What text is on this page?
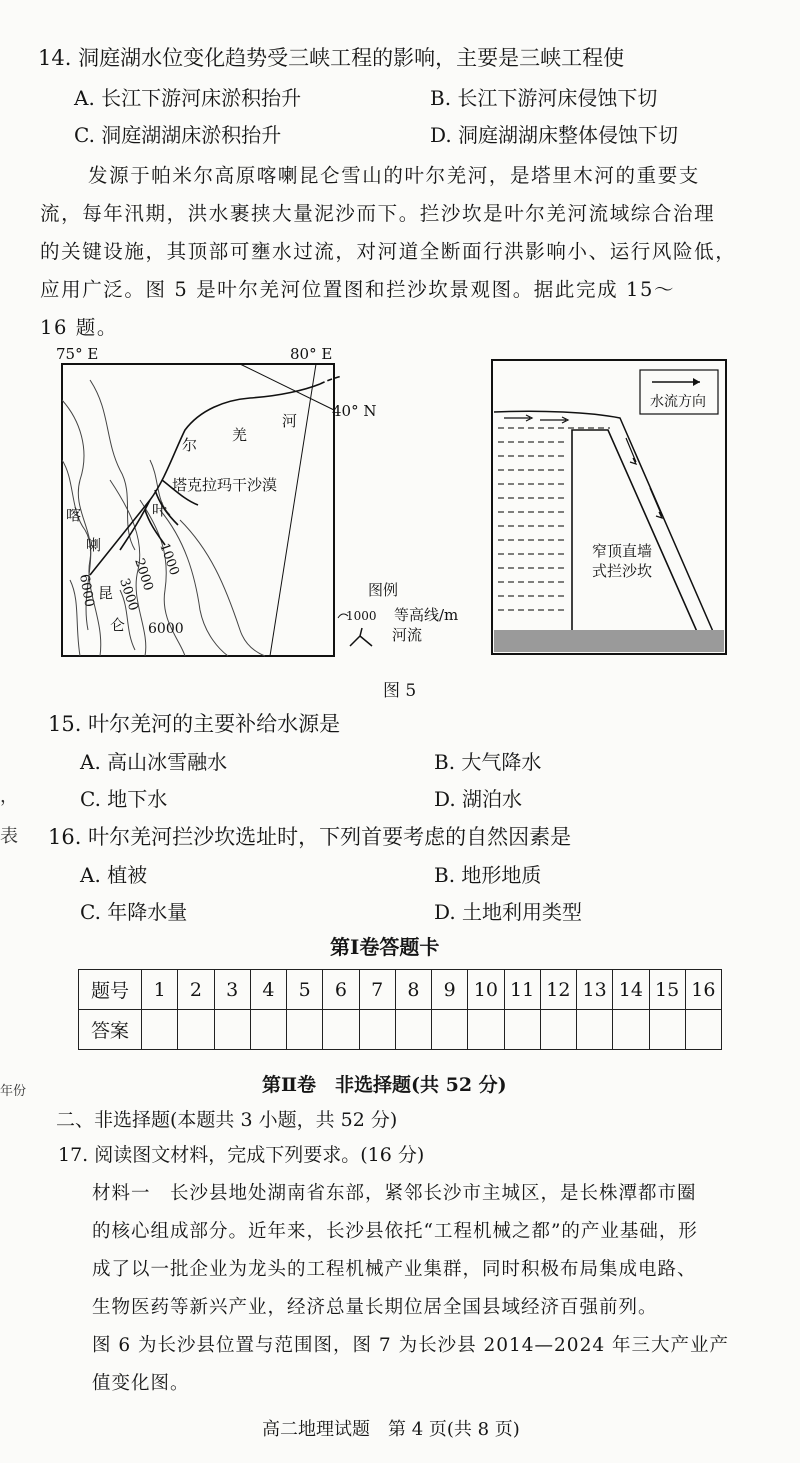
14. 洞庭湖水位变化趋势受三峡工程的影响，主要是三峡工程使
A. 长江下游河床淤积抬升	B. 长江下游河床侵蚀下切
C. 洞庭湖湖床淤积抬升	D. 洞庭湖湖床整体侵蚀下切
发源于帕米尔高原喀喇昆仑雪山的叶尔羌河，是塔里木河的重要支
流，每年汛期，洪水裹挟大量泥沙而下。拦沙坎是叶尔羌河流域综合治理
的关键设施，其顶部可壅水过流，对河道全断面行洪影响小、运行风险低，
应用广泛。图 5 是叶尔羌河位置图和拦沙坎景观图。据此完成 15～
16 题。
75° E	80° E
40° N
塔克拉玛干沙漠
叶
尔
羌
河
喀
喇
昆
仑
1000
2000
3000
6000
6000
图例
1000 等高线/m
河流
水流方向
窄顶直墙
式拦沙坎
图 5
15. 叶尔羌河的主要补给水源是
A. 高山冰雪融水	B. 大气降水
C. 地下水	D. 湖泊水
16. 叶尔羌河拦沙坎选址时，下列首要考虑的自然因素是
A. 植被	B. 地形地质
C. 年降水量	D. 土地利用类型
第Ⅰ卷答题卡
题号	1	2	3	4	5	6	7	8	9	10	11	12	13	14	15	16
答案																
第Ⅱ卷　非选择题(共 52 分)
二、非选择题(本题共 3 小题，共 52 分)
17. 阅读图文材料，完成下列要求。(16 分)
材料一　长沙县地处湖南省东部，紧邻长沙市主城区，是长株潭都市圈
的核心组成部分。近年来，长沙县依托“工程机械之都”的产业基础，形
成了以一批企业为龙头的工程机械产业集群，同时积极布局集成电路、
生物医药等新兴产业，经济总量长期位居全国县域经济百强前列。
图 6 为长沙县位置与范围图，图 7 为长沙县 2014—2024 年三大产业产
值变化图。
高二地理试题　第 4 页(共 8 页)
，
表
年份
